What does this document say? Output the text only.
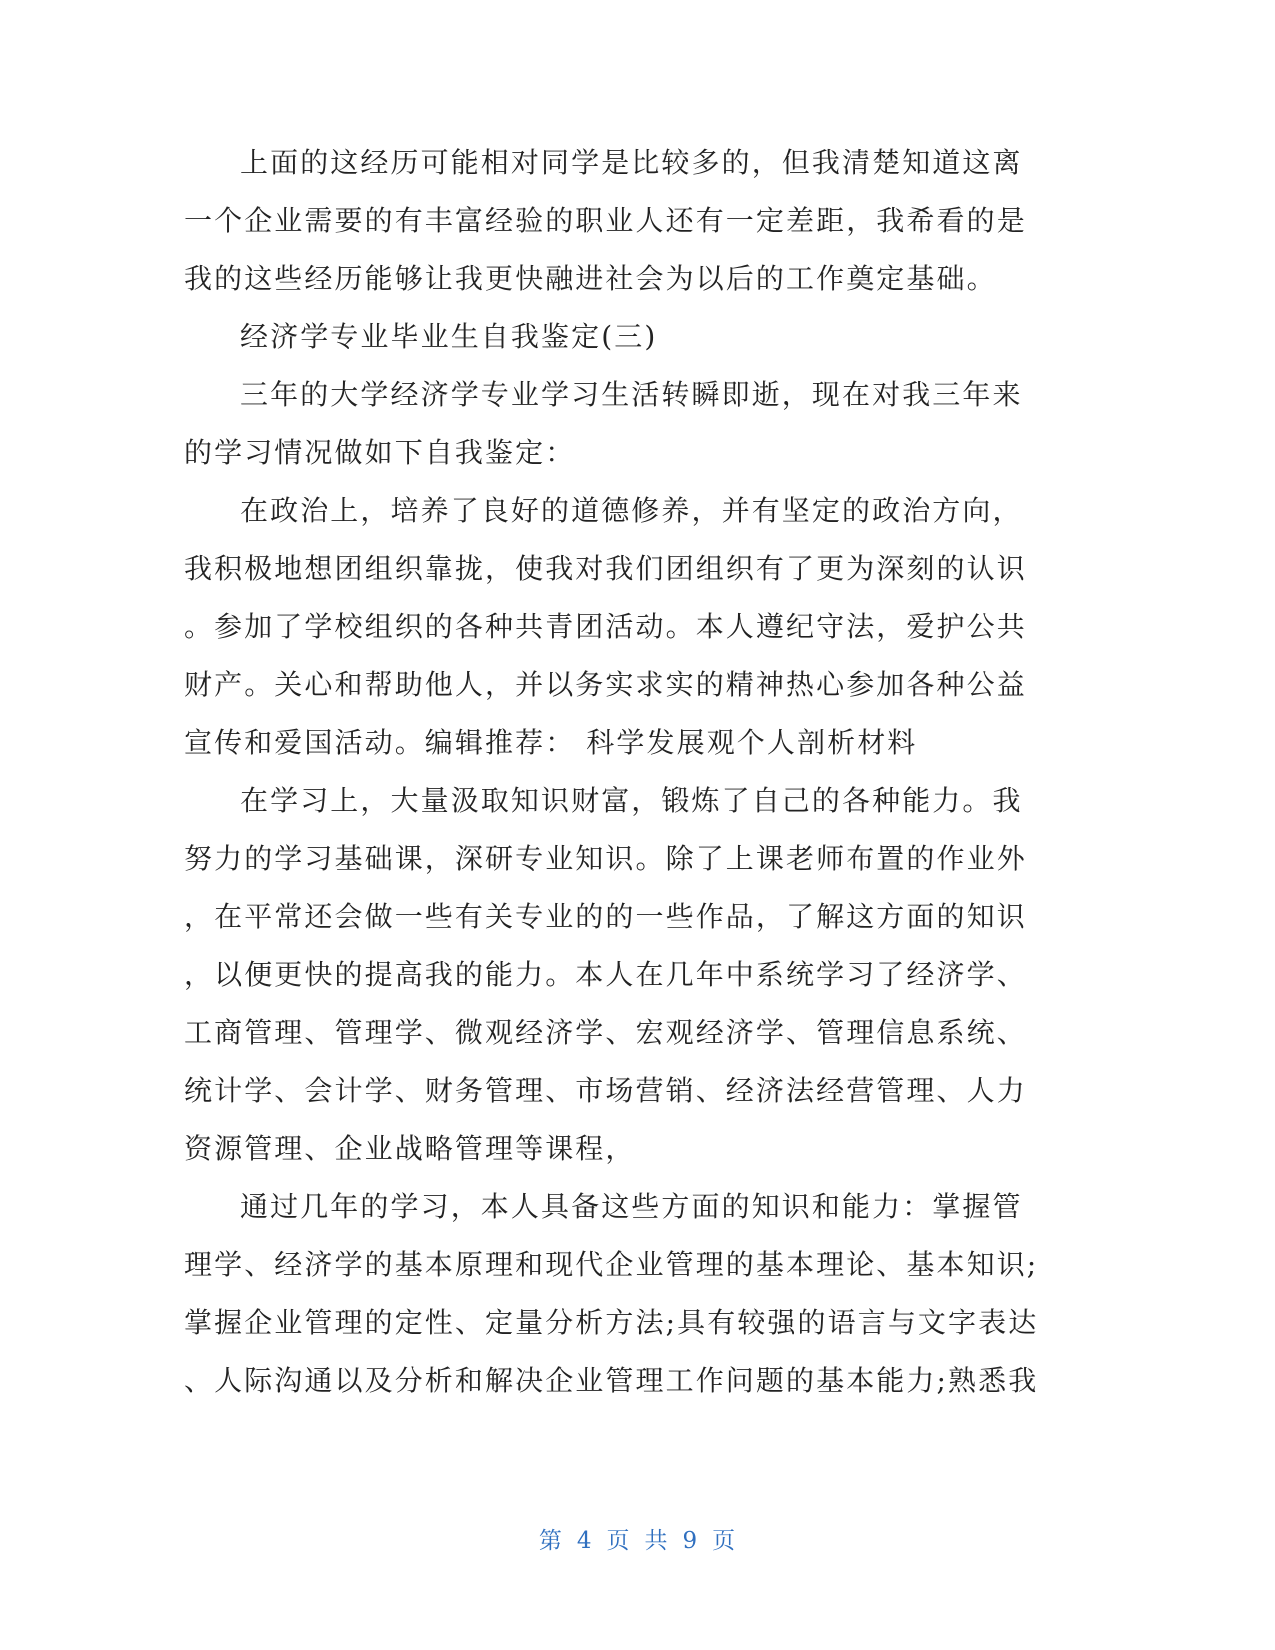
上面的这经历可能相对同学是比较多的，但我清楚知道这离
一个企业需要的有丰富经验的职业人还有一定差距，我希看的是
我的这些经历能够让我更快融进社会为以后的工作奠定基础。
经济学专业毕业生自我鉴定(三)
三年的大学经济学专业学习生活转瞬即逝，现在对我三年来
的学习情况做如下自我鉴定：
在政治上，培养了良好的道德修养，并有坚定的政治方向，
我积极地想团组织靠拢，使我对我们团组织有了更为深刻的认识
。参加了学校组织的各种共青团活动。本人遵纪守法，爱护公共
财产。关心和帮助他人，并以务实求实的精神热心参加各种公益
宣传和爱国活动。编辑推荐： 科学发展观个人剖析材料
在学习上，大量汲取知识财富，锻炼了自己的各种能力。我
努力的学习基础课，深研专业知识。除了上课老师布置的作业外
，在平常还会做一些有关专业的的一些作品，了解这方面的知识
，以便更快的提高我的能力。本人在几年中系统学习了经济学、
工商管理、管理学、微观经济学、宏观经济学、管理信息系统、
统计学、会计学、财务管理、市场营销、经济法经营管理、人力
资源管理、企业战略管理等课程，
通过几年的学习，本人具备这些方面的知识和能力：掌握管
理学、经济学的基本原理和现代企业管理的基本理论、基本知识;
掌握企业管理的定性、定量分析方法;具有较强的语言与文字表达
、人际沟通以及分析和解决企业管理工作问题的基本能力;熟悉我
第 4 页 共 9 页
